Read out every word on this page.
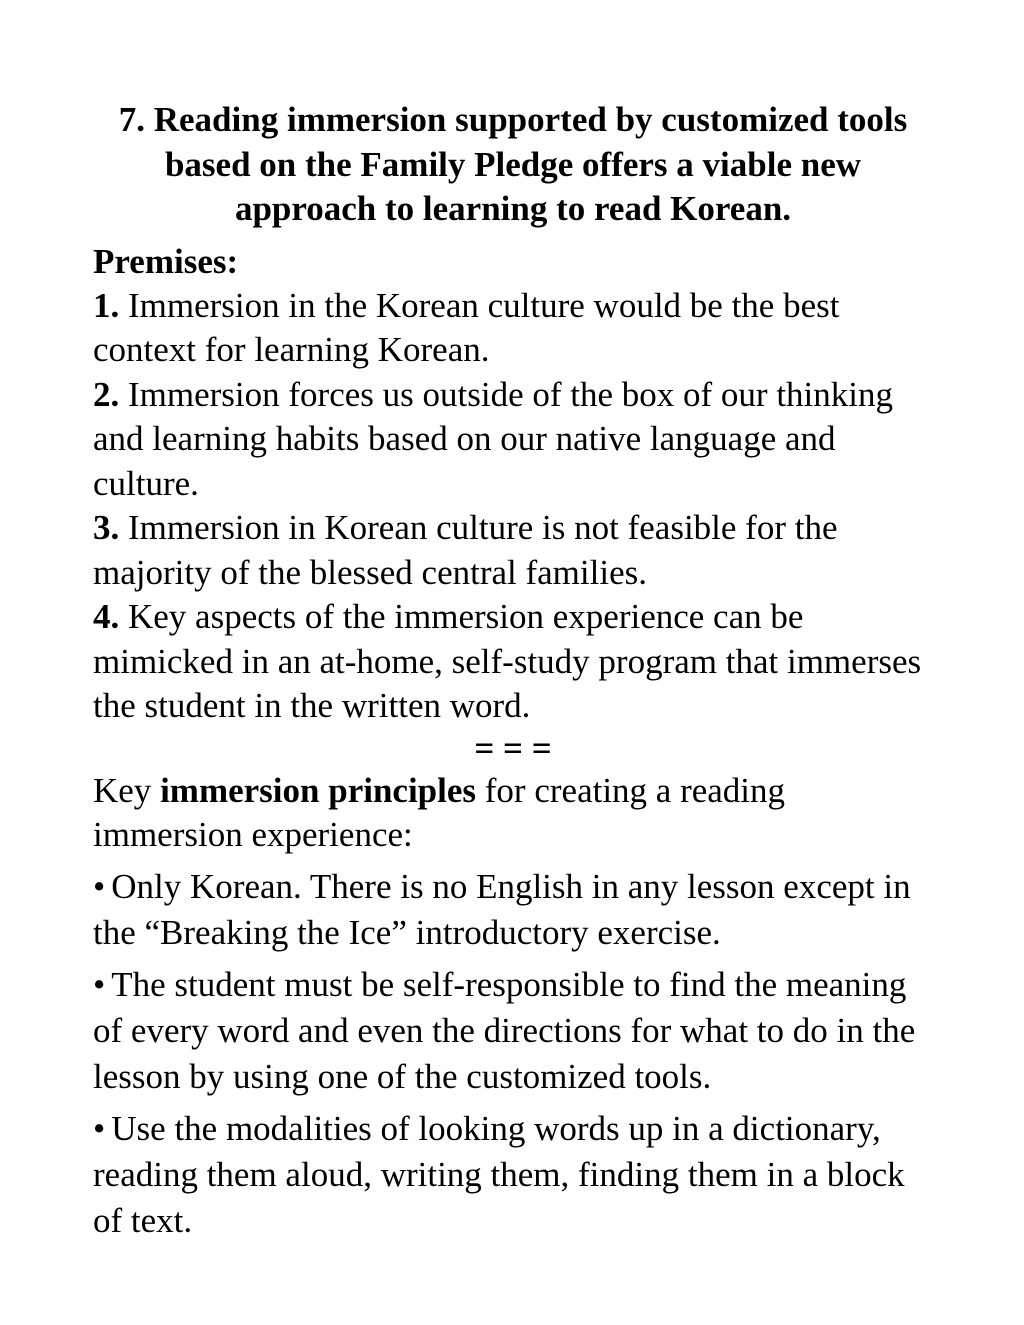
7. Reading immersion supported by customized tools based on the Family Pledge offers a viable new approach to learning to read Korean.

Premises:

1. Immersion in the Korean culture would be the best context for learning Korean.

2. Immersion forces us outside of the box of our thinking and learning habits based on our native language and culture.

3. Immersion in Korean culture is not feasible for the majority of the blessed central families.

4. Key aspects of the immersion experience can be mimicked in an at-home, self-study program that immerses the student in the written word.

= = =

Key immersion principles for creating a reading immersion experience:

• Only Korean. There is no English in any lesson except in the “Breaking the Ice” introductory exercise.

• The student must be self-responsible to find the meaning of every word and even the directions for what to do in the lesson by using one of the customized tools.

• Use the modalities of looking words up in a dictionary, reading them aloud, writing them, finding them in a block of text.
